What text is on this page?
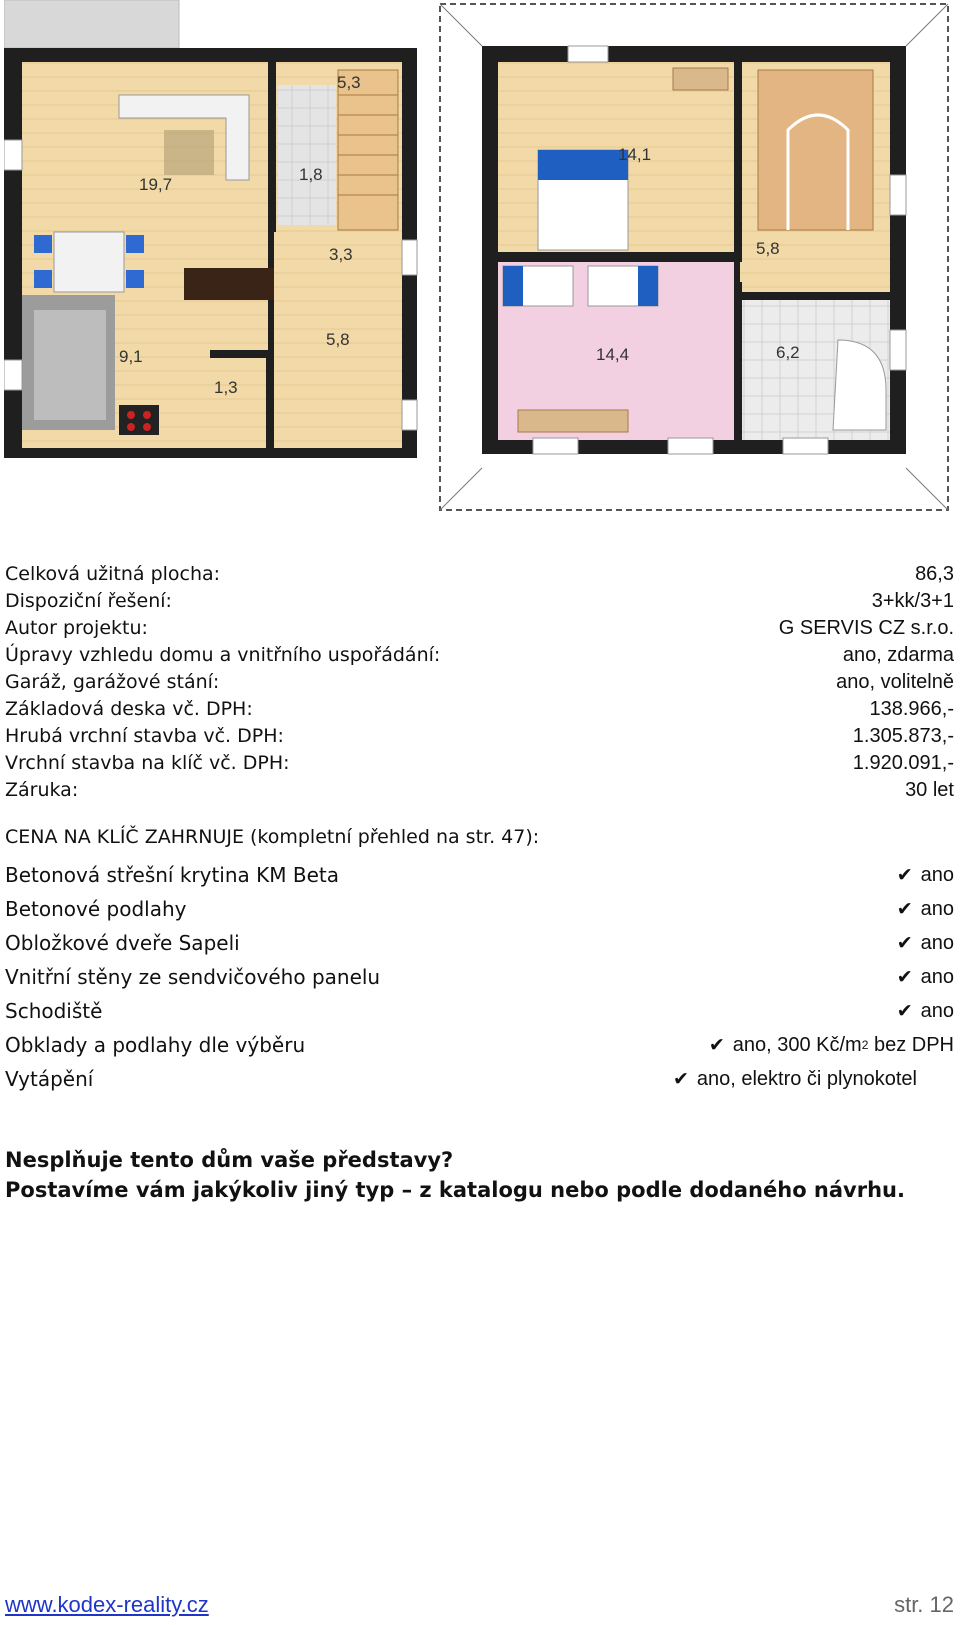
19,7
5,3
1,8
3,3
9,1
5,8
1,3
14,1
5,8
14,4	6,2
Celková užitná plocha:	86,3
Dispoziční řešení:	3+kk/3+1
Autor projektu:	G SERVIS CZ s.r.o.
Úpravy vzhledu domu a vnitřního uspořádání:	ano, zdarma
Garáž, garážové stání:	ano, volitelně
Základová deska vč. DPH:	138.966,-
Hrubá vrchní stavba vč. DPH:	1.305.873,-
Vrchní stavba na klíč vč. DPH:	1.920.091,-
Záruka:	30 let
CENA NA KLÍČ ZAHRNUJE (kompletní přehled na str. 47):
Betonová střešní krytina KM Beta	✔ ano
Betonové podlahy	✔ ano
Obložkové dveře Sapeli	✔ ano
Vnitřní stěny ze sendvičového panelu	✔ ano
Schodiště	✔ ano
Obklady a podlahy dle výběru	✔ ano, 300 Kč/m 2 bez DPH
Vytápění	✔ ano, elektro či plynokotel
Nesplňuje tento dům vaše představy?
Postavíme vám jakýkoliv jiný typ – z katalogu nebo podle dodaného návrhu.
www.kodex-reality.cz	str. 12
